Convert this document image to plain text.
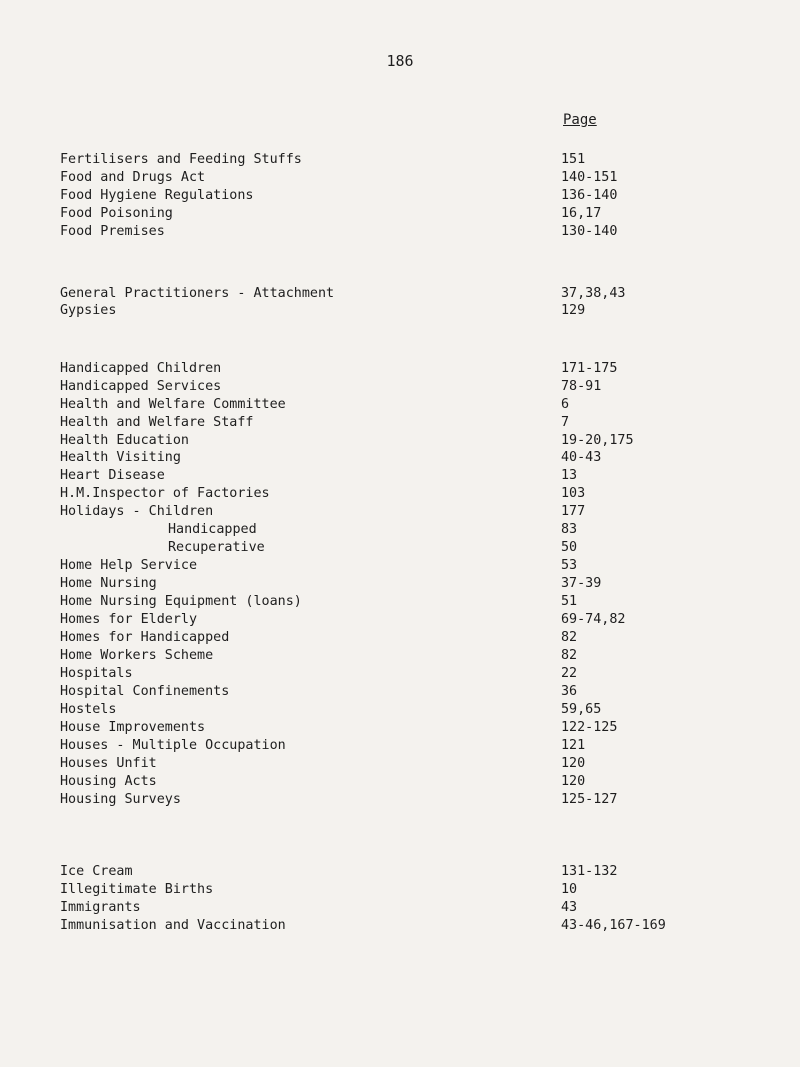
186
Page
Fertilisers and Feeding Stuffs	151
Food and Drugs Act	140-151
Food Hygiene Regulations	136-140
Food Poisoning	16,17
Food Premises	130-140
General Practitioners - Attachment	37,38,43
Gypsies	129
Handicapped Children	171-175
Handicapped Services	78-91
Health and Welfare Committee	6
Health and Welfare Staff	7
Health Education	19-20,175
Health Visiting	40-43
Heart Disease	13
H.M.Inspector of Factories	103
Holidays - Children	177
Handicapped	83
Recuperative	50
Home Help Service	53
Home Nursing	37-39
Home Nursing Equipment (loans)	51
Homes for Elderly	69-74,82
Homes for Handicapped	82
Home Workers Scheme	82
Hospitals	22
Hospital Confinements	36
Hostels	59,65
House Improvements	122-125
Houses - Multiple Occupation	121
Houses Unfit	120
Housing Acts	120
Housing Surveys	125-127
Ice Cream	131-132
Illegitimate Births	10
Immigrants	43
Immunisation and Vaccination	43-46,167-169
